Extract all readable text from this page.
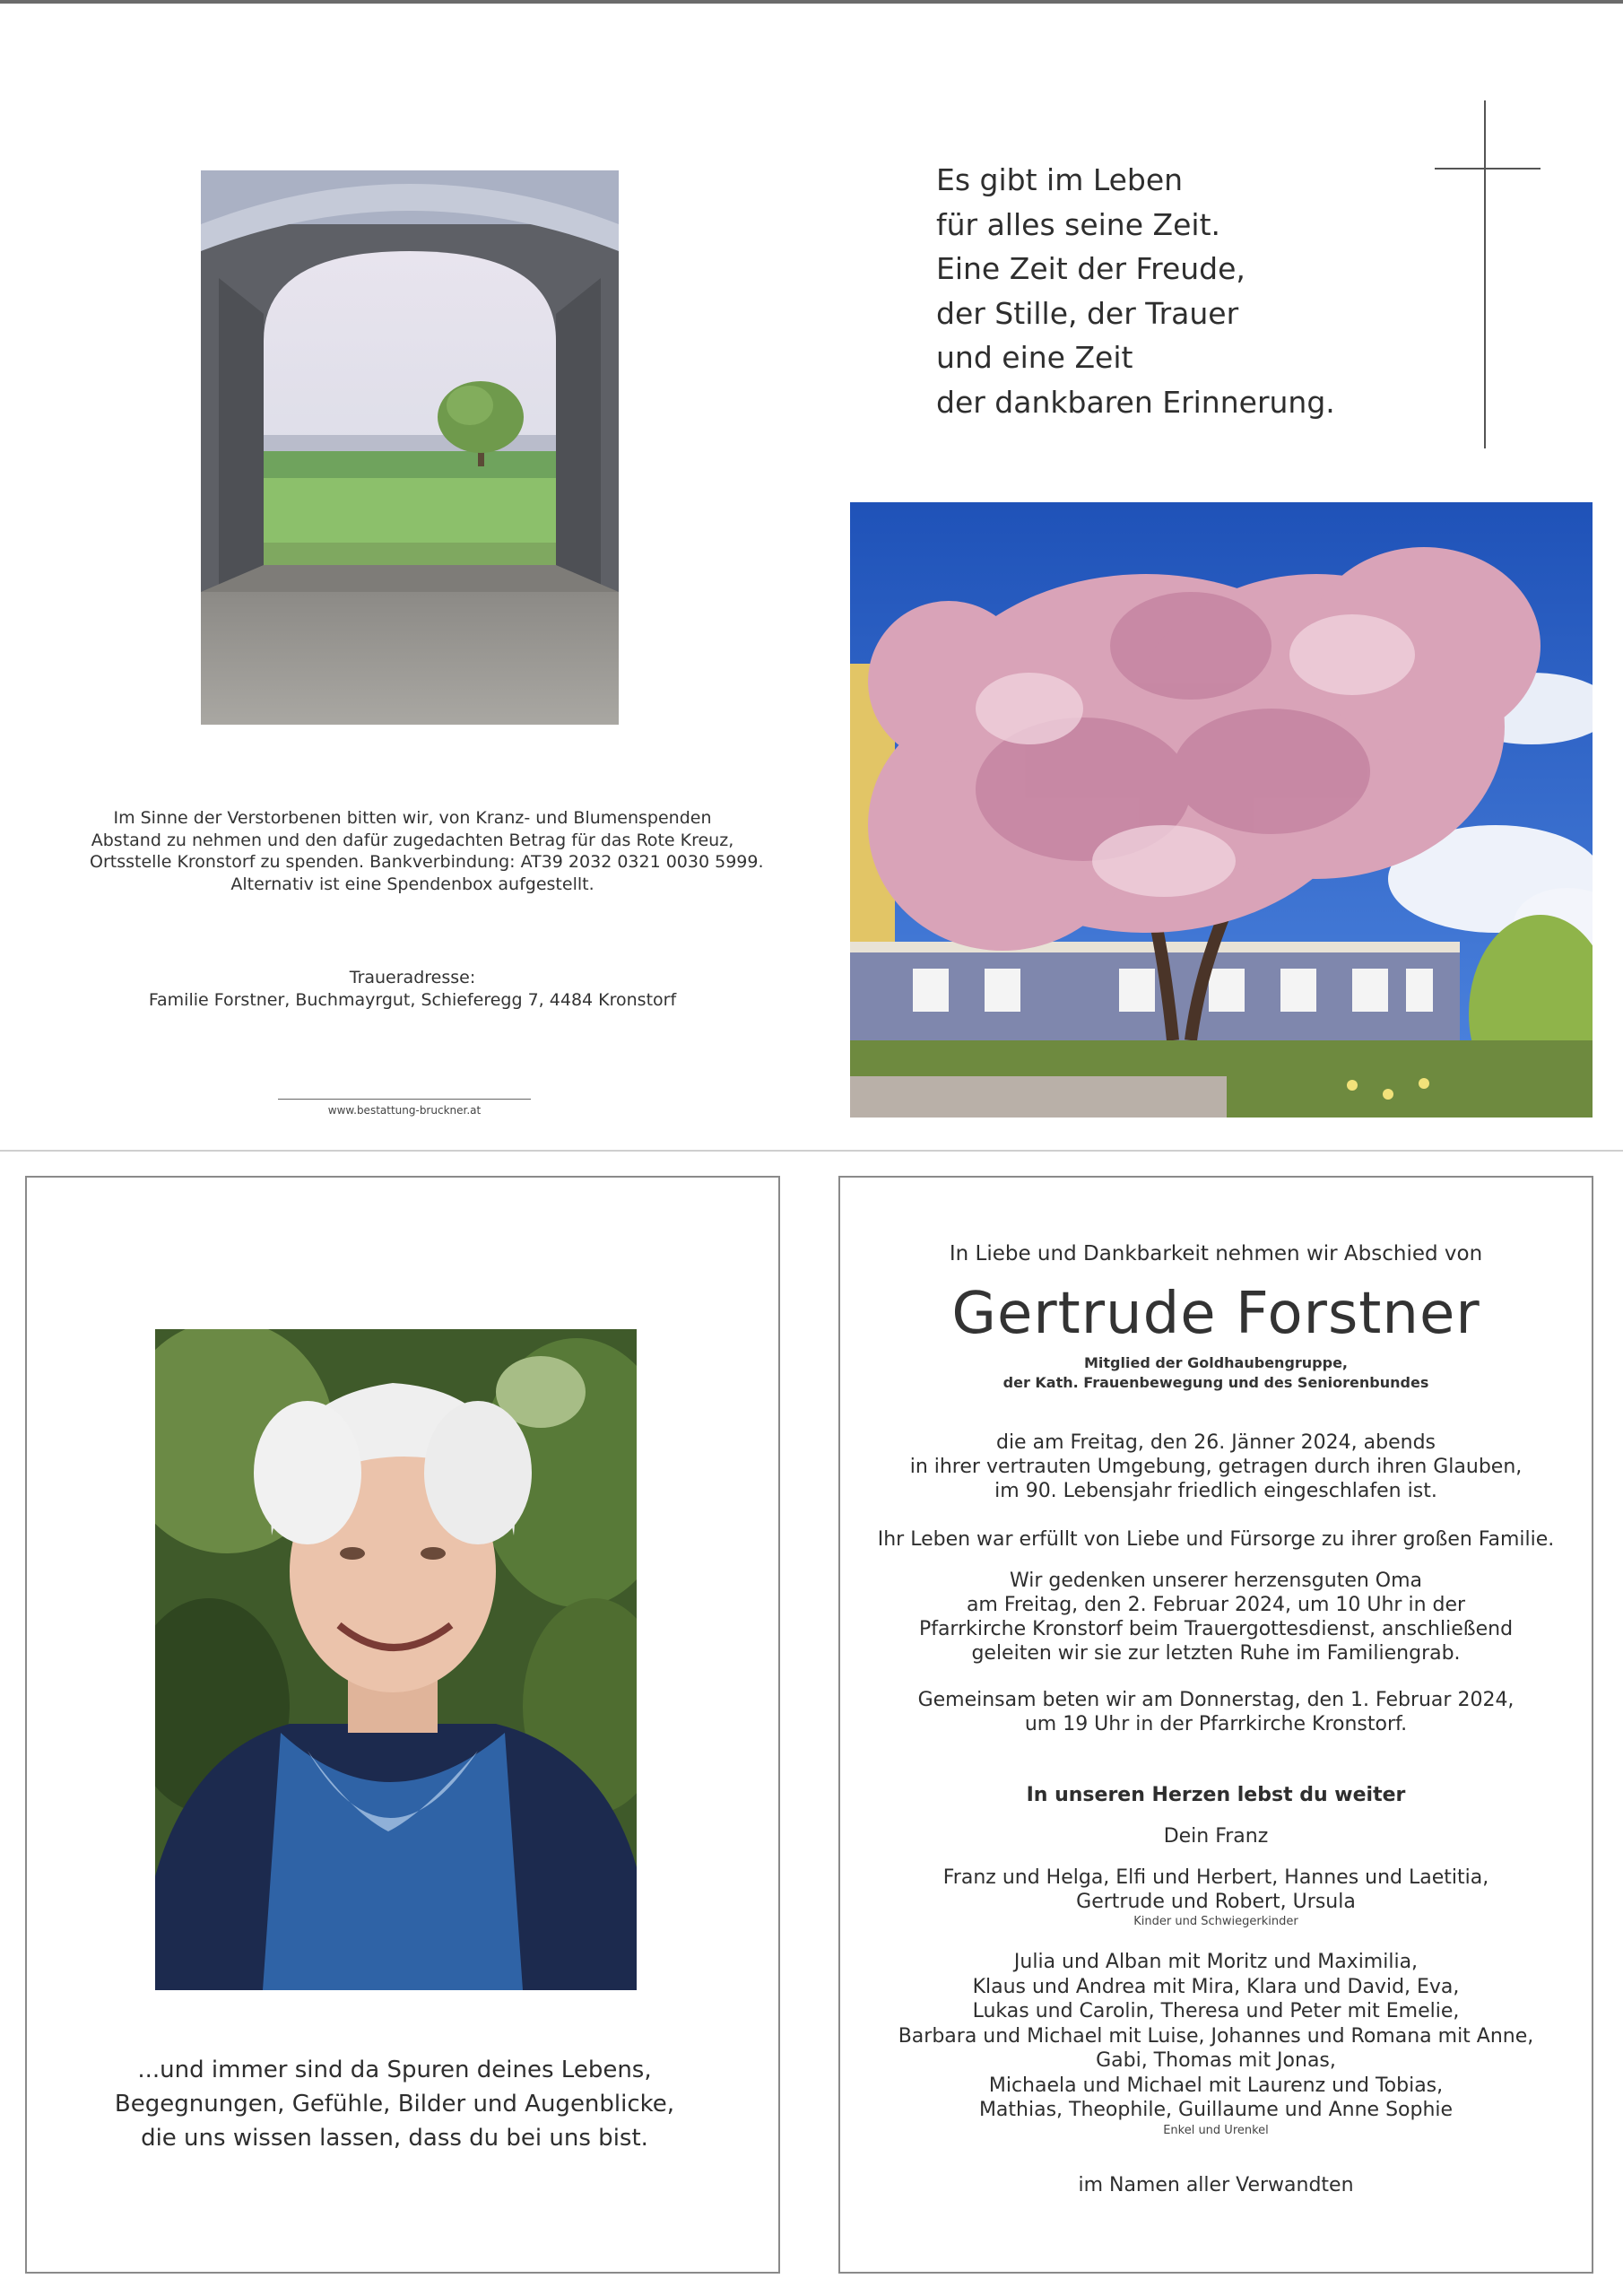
Es gibt im Leben
für alles seine Zeit.
Eine Zeit der Freude,
der Stille, der Trauer
und eine Zeit
der dankbaren Erinnerung.
Im Sinne der Verstorbenen bitten wir, von Kranz- und Blumenspenden
Abstand zu nehmen und den dafür zugedachten Betrag für das Rote Kreuz,
Ortsstelle Kronstorf zu spenden. Bankverbindung: AT39 2032 0321 0030 5999.
Alternativ ist eine Spendenbox aufgestellt.
Traueradresse:
Familie Forstner, Buchmayrgut, Schieferegg 7, 4484 Kronstorf
www.bestattung-bruckner.at
...und immer sind da Spuren deines Lebens,
Begegnungen, Gefühle, Bilder und Augenblicke,
die uns wissen lassen, dass du bei uns bist.
In Liebe und Dankbarkeit nehmen wir Abschied von
Gertrude Forstner
Mitglied der Goldhaubengruppe,
der Kath. Frauenbewegung und des Seniorenbundes
die am Freitag, den 26. Jänner 2024, abends
in ihrer vertrauten Umgebung, getragen durch ihren Glauben,
im 90. Lebensjahr friedlich eingeschlafen ist.
Ihr Leben war erfüllt von Liebe und Fürsorge zu ihrer großen Familie.
Wir gedenken unserer herzensguten Oma
am Freitag, den 2. Februar 2024, um 10 Uhr in der
Pfarrkirche Kronstorf beim Trauergottesdienst, anschließend
geleiten wir sie zur letzten Ruhe im Familiengrab.
Gemeinsam beten wir am Donnerstag, den 1. Februar 2024,
um 19 Uhr in der Pfarrkirche Kronstorf.
In unseren Herzen lebst du weiter
Dein Franz
Franz und Helga, Elfi und Herbert, Hannes und Laetitia,
Gertrude und Robert, Ursula
Kinder und Schwiegerkinder
Julia und Alban mit Moritz und Maximilia,
Klaus und Andrea mit Mira, Klara und David, Eva,
Lukas und Carolin, Theresa und Peter mit Emelie,
Barbara und Michael mit Luise, Johannes und Romana mit Anne,
Gabi, Thomas mit Jonas,
Michaela und Michael mit Laurenz und Tobias,
Mathias, Theophile, Guillaume und Anne Sophie
Enkel und Urenkel
im Namen aller Verwandten
